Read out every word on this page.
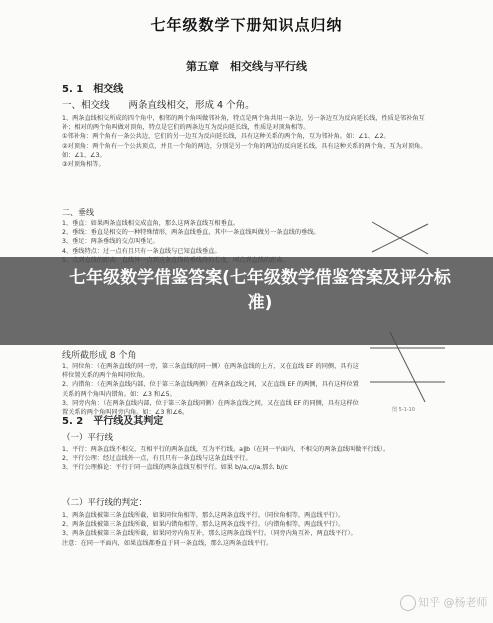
七年级数学下册知识点归纳
第五章　相交线与平行线
5. 1　相交线
一、相交线　　两条直线相交，形成 4 个角。

1、两条直线相交所成的四个角中，相邻的两个角叫做邻补角，特点是两个角共用一条边，另一条边互为反向延长线，性质是邻补角互补；相对的两个角叫做对顶角，特点是它们的两条边互为反向延长线，性质是对顶角相等。

①邻补角：两个角有一条公共边，它们的另一边互为反向延长线，具有这种关系的两个角，互为邻补角。如：∠1、∠2。

②对顶角：两个角有一个公共顶点，并且一个角的两边，分别是另一个角的两边的反向延长线，具有这种关系的两个角，互为对顶角。如：∠1、∠3。

③对顶角相等。

二、垂线

1、垂直：如果两条直线相交成直角，那么这两条直线互相垂直。

2、垂线：垂直是相交的一种特殊情形，两条直线垂直，其中一条直线叫做另一条直线的垂线。

3、垂足：两条垂线的交点叫垂足。

4、垂线特点：过一点有且只有一条直线与已知直线垂直。

线所截形成 8 个角

1、同位角：（在两条直线的同一旁，第三条直线的同一侧）在两条直线的上方，又在直线 EF 的同侧，具有这样位置关系的两个角叫同位角。

2、内错角：（在两条直线内部，位于第三条直线两侧）在两条直线之间，又在直线 EF 的两侧，具有这样位置关系的两个角叫内错角。如：∠3 和∠5。

3、同旁内角：（在两条直线内部，位于第三条直线同侧）在两条直线之间，又在直线 EF 的同侧，具有这样位置关系的两个角叫同旁内角。如：∠3 和∠6。	图 5-1-10
5. 2　平行线及其判定
（一）平行线

1、平行：两条直线不相交，互相平行的两条直线，互为平行线。a∥b（在同一平面内，不相交的两条直线叫做平行线）。

2、平行公理：经过直线外一点，有且只有一条直线与这条直线平行。

3、平行公理推论：平行于同一直线的两条直线互相平行。如果 b//a,c//a,那么 b//c

（二）平行线的判定：

1、两条直线被第三条直线所截，如果同位角相等，那么这两条直线平行。（同位角相等，两直线平行）。

2、两条直线被第三条直线所截，如果内错角相等，那么这两条直线平行。（内错角相等，两直线平行）。

3、两条直线被第三条直线所截，如果同旁内角互补，那么这两条直线平行。（同旁内角互补，两直线平行）。

注意：在同一平面内，如果直线都垂直于同一条直线，那么这两条直线平行。

七年级数学借鉴答案(七年级数学借鉴答案及评分标准)
知乎 @杨老师
